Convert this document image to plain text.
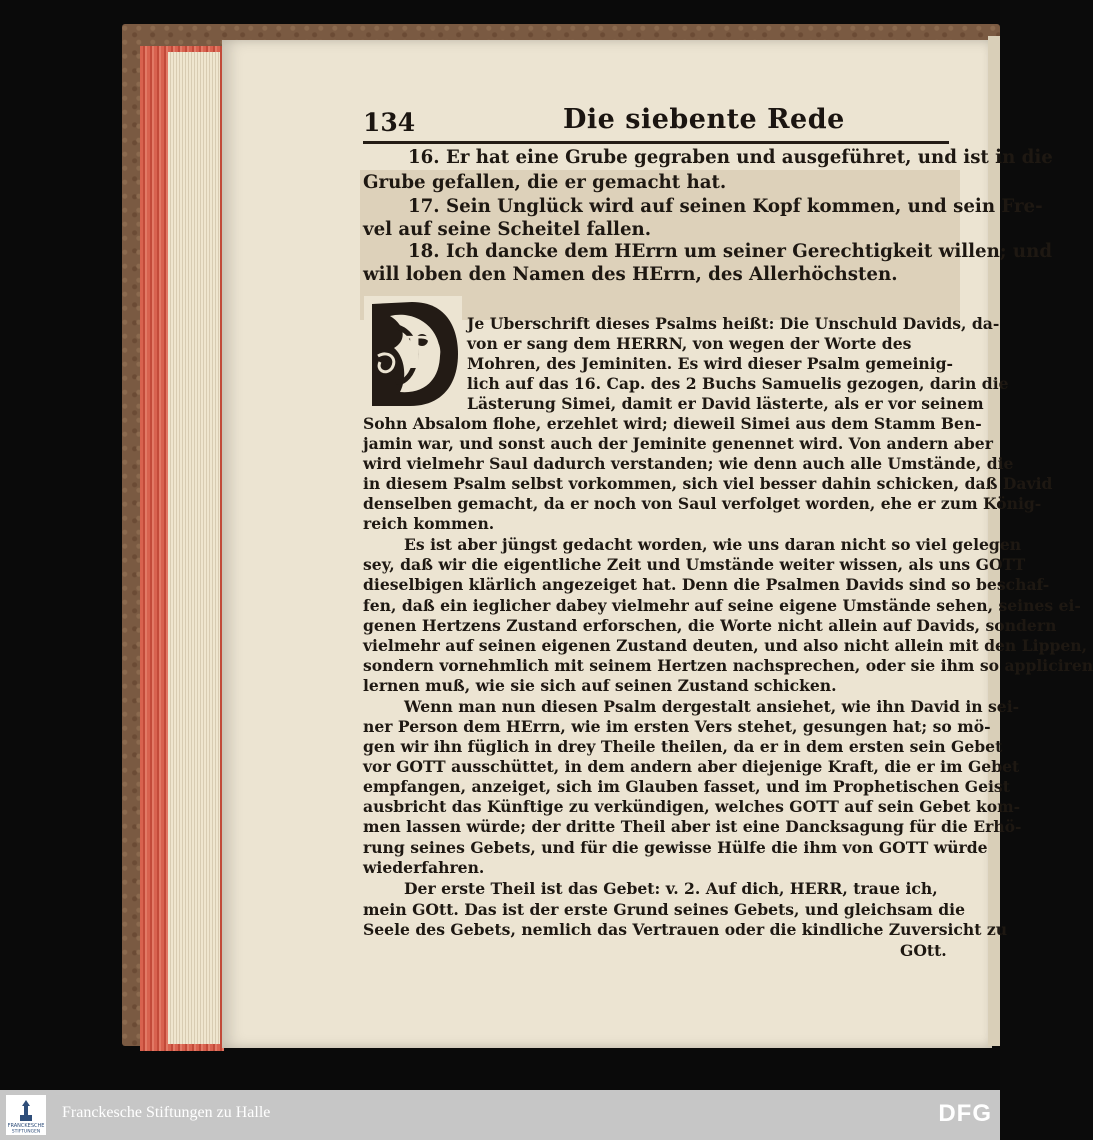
134	Die siebente Rede
16. Er hat eine Grube gegraben und ausgeführet, und ist in die
Grube gefallen, die er gemacht hat.
17. Sein Unglück wird auf seinen Kopf kommen, und sein Fre-
vel auf seine Scheitel fallen.
18. Ich dancke dem HErrn um seiner Gerechtigkeit willen; und
will loben den Namen des HErrn, des Allerhöchsten.
D
Je Uberschrift dieses Psalms heißt: Die Unschuld Davids, da-
von er sang dem HERRN, von wegen der Worte des
Mohren, des Jeminiten. Es wird dieser Psalm gemeinig-
lich auf das 16. Cap. des 2 Buchs Samuelis gezogen, darin die
Lästerung Simei, damit er David lästerte, als er vor seinem
Sohn Absalom flohe, erzehlet wird; dieweil Simei aus dem Stamm Ben-
jamin war, und sonst auch der Jeminite genennet wird. Von andern aber
wird vielmehr Saul dadurch verstanden; wie denn auch alle Umstände, die
in diesem Psalm selbst vorkommen, sich viel besser dahin schicken, daß David
denselben gemacht, da er noch von Saul verfolget worden, ehe er zum König-
reich kommen.
Es ist aber jüngst gedacht worden, wie uns daran nicht so viel gelegen
sey, daß wir die eigentliche Zeit und Umstände weiter wissen, als uns GOTT
dieselbigen klärlich angezeiget hat. Denn die Psalmen Davids sind so beschaf-
fen, daß ein ieglicher dabey vielmehr auf seine eigene Umstände sehen, seines ei-
genen Hertzens Zustand erforschen, die Worte nicht allein auf Davids, sondern
vielmehr auf seinen eigenen Zustand deuten, und also nicht allein mit den Lippen,
sondern vornehmlich mit seinem Hertzen nachsprechen, oder sie ihm so appliciren
lernen muß, wie sie sich auf seinen Zustand schicken.
Wenn man nun diesen Psalm dergestalt ansiehet, wie ihn David in sei-
ner Person dem HErrn, wie im ersten Vers stehet, gesungen hat; so mö-
gen wir ihn füglich in drey Theile theilen, da er in dem ersten sein Gebet
vor GOTT ausschüttet, in dem andern aber diejenige Kraft, die er im Gebet
empfangen, anzeiget, sich im Glauben fasset, und im Prophetischen Geist
ausbricht das Künftige zu verkündigen, welches GOTT auf sein Gebet kom-
men lassen würde; der dritte Theil aber ist eine Dancksagung für die Erhö-
rung seines Gebets, und für die gewisse Hülfe die ihm von GOTT würde
wiederfahren.
Der erste Theil ist das Gebet: v. 2. Auf dich, HERR, traue ich,
mein GOtt. Das ist der erste Grund seines Gebets, und gleichsam die
Seele des Gebets, nemlich das Vertrauen oder die kindliche Zuversicht zu
GOtt.
FRANCKESCHE
STIFTUNGEN
Franckesche Stiftungen zu Halle	DFG
